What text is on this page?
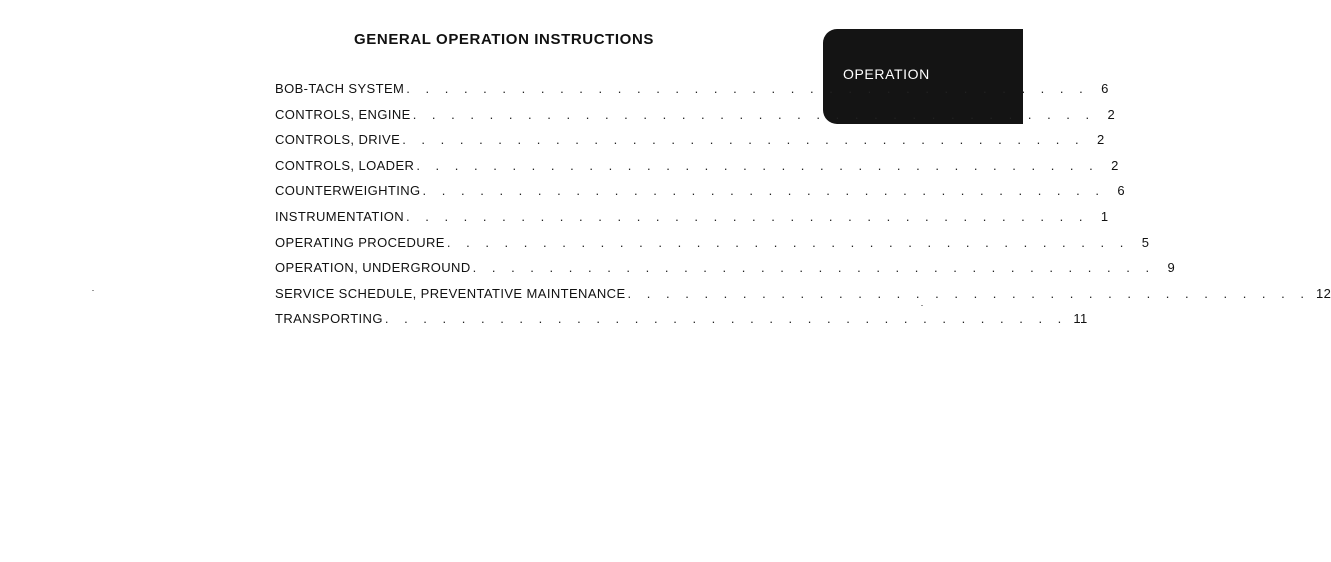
GENERAL OPERATION INSTRUCTIONS
OPERATION
BOB-TACH SYSTEM . . . . . . . . . . . . . . . . . . . . . . . . . . . . . . . . . . . . 6
CONTROLS, ENGINE . . . . . . . . . . . . . . . . . . . . . . . . . . . . . . . . . . . . 2
CONTROLS, DRIVE . . . . . . . . . . . . . . . . . . . . . . . . . . . . . . . . . . . . 2
CONTROLS, LOADER . . . . . . . . . . . . . . . . . . . . . . . . . . . . . . . . . . . . 2
COUNTERWEIGHTING . . . . . . . . . . . . . . . . . . . . . . . . . . . . . . . . . . . . 6
INSTRUMENTATION . . . . . . . . . . . . . . . . . . . . . . . . . . . . . . . . . . . . 1
OPERATING PROCEDURE . . . . . . . . . . . . . . . . . . . . . . . . . . . . . . . . . . . . 5
OPERATION, UNDERGROUND . . . . . . . . . . . . . . . . . . . . . . . . . . . . . . . . . . . . 9
SERVICE SCHEDULE, PREVENTATIVE MAINTENANCE . . . . . . . . . . . . . . . . . . . . . . . . . . . . . . . . . . . . 12
TRANSPORTING . . . . . . . . . . . . . . . . . . . . . . . . . . . . . . . . . . . . 11
